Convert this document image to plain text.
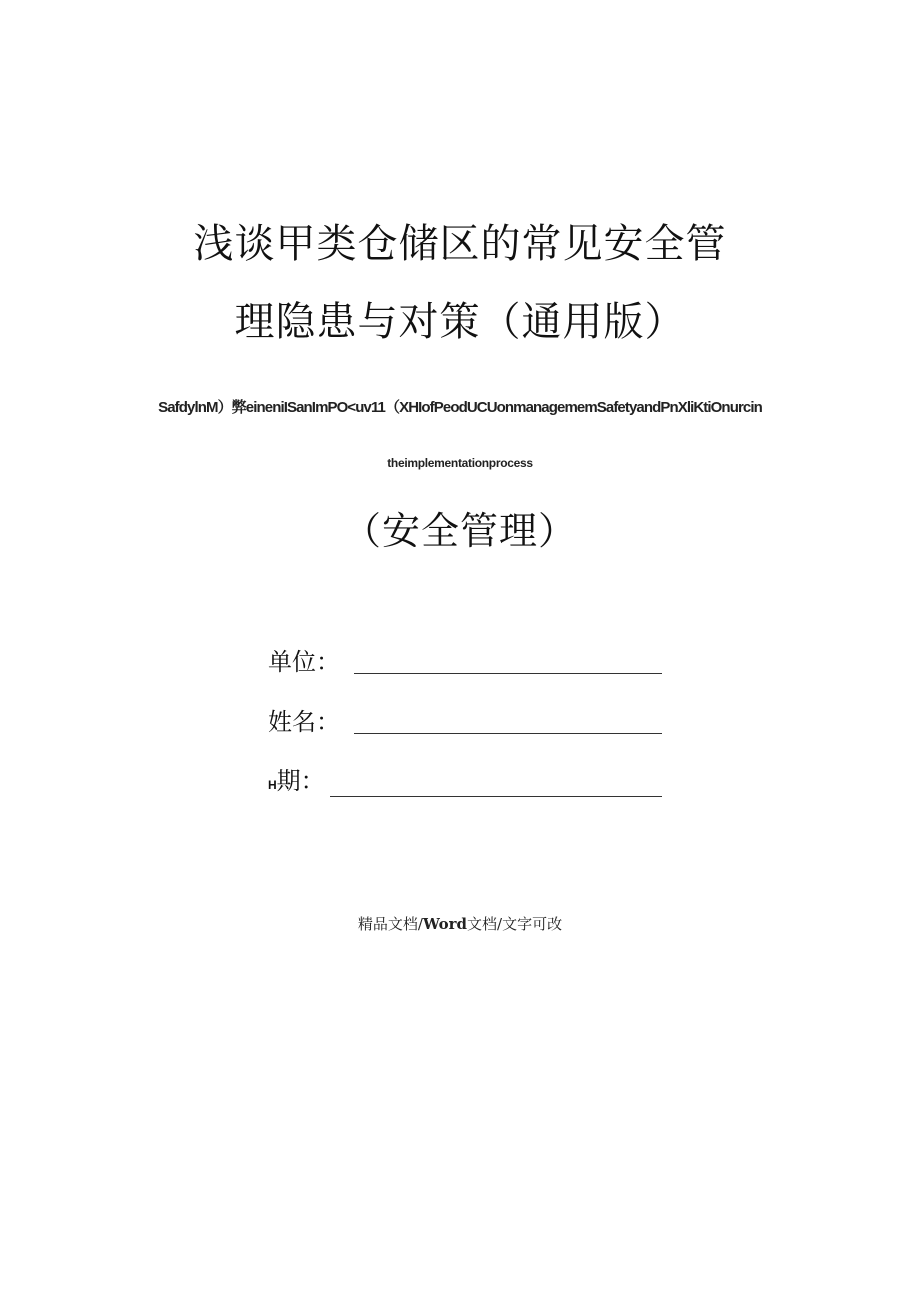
浅谈甲类仓储区的常见安全管
理隐患与对策（通用版）
SafdylnM）弊eineniISanImPO<uv11（XHIofPeodUCUonmanagememSafetyandPnXliKtiOnurcin
theimplementationprocess
（安全管理）
单位：
姓名：
H期：
精品文档/Word文档/文字可改
